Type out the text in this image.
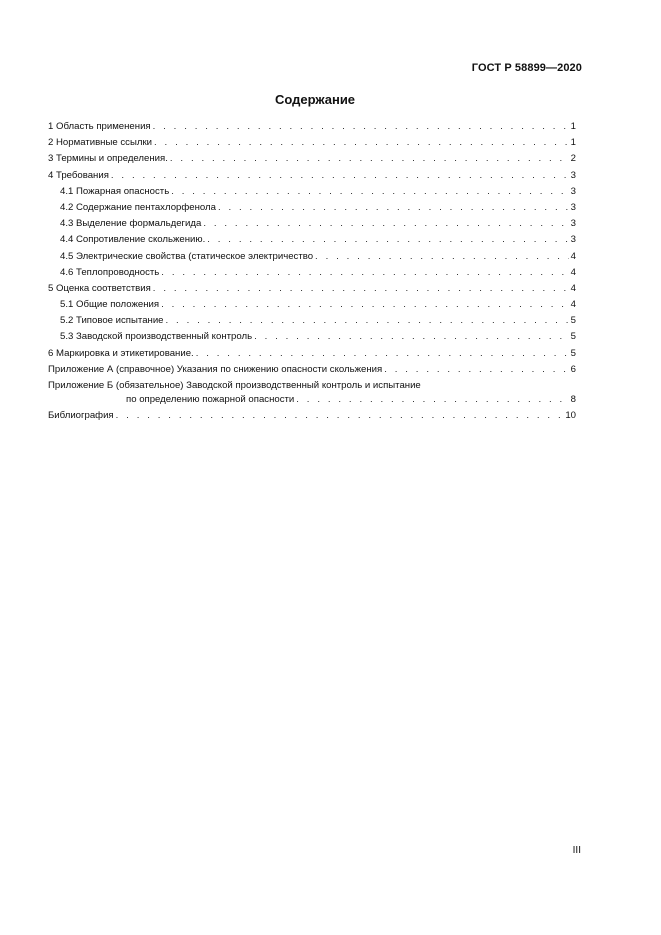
ГОСТ Р 58899—2020
Содержание
1 Область применения . . .	1
2 Нормативные ссылки . . .	1
3 Термины и определения. . . .	2
4 Требования . . .	3
4.1 Пожарная опасность . . .	3
4.2 Содержание пентахлорфенола . . .	3
4.3 Выделение формальдегида . . .	3
4.4 Сопротивление скольжению. . . .	3
4.5 Электрические свойства (статическое электричество . . .	4
4.6 Теплопроводность . . .	4
5 Оценка соответствия . . .	4
5.1 Общие положения . . .	4
5.2 Типовое испытание . . .	5
5.3 Заводской производственный контроль . . .	5
6 Маркировка и этикетирование. . . .	5
Приложение А (справочное) Указания по снижению опасности скольжения . . .	6
Приложение Б (обязательное) Заводской производственный контроль и испытание
по определению пожарной опасности . . .	8
Библиография . . .	10
III
